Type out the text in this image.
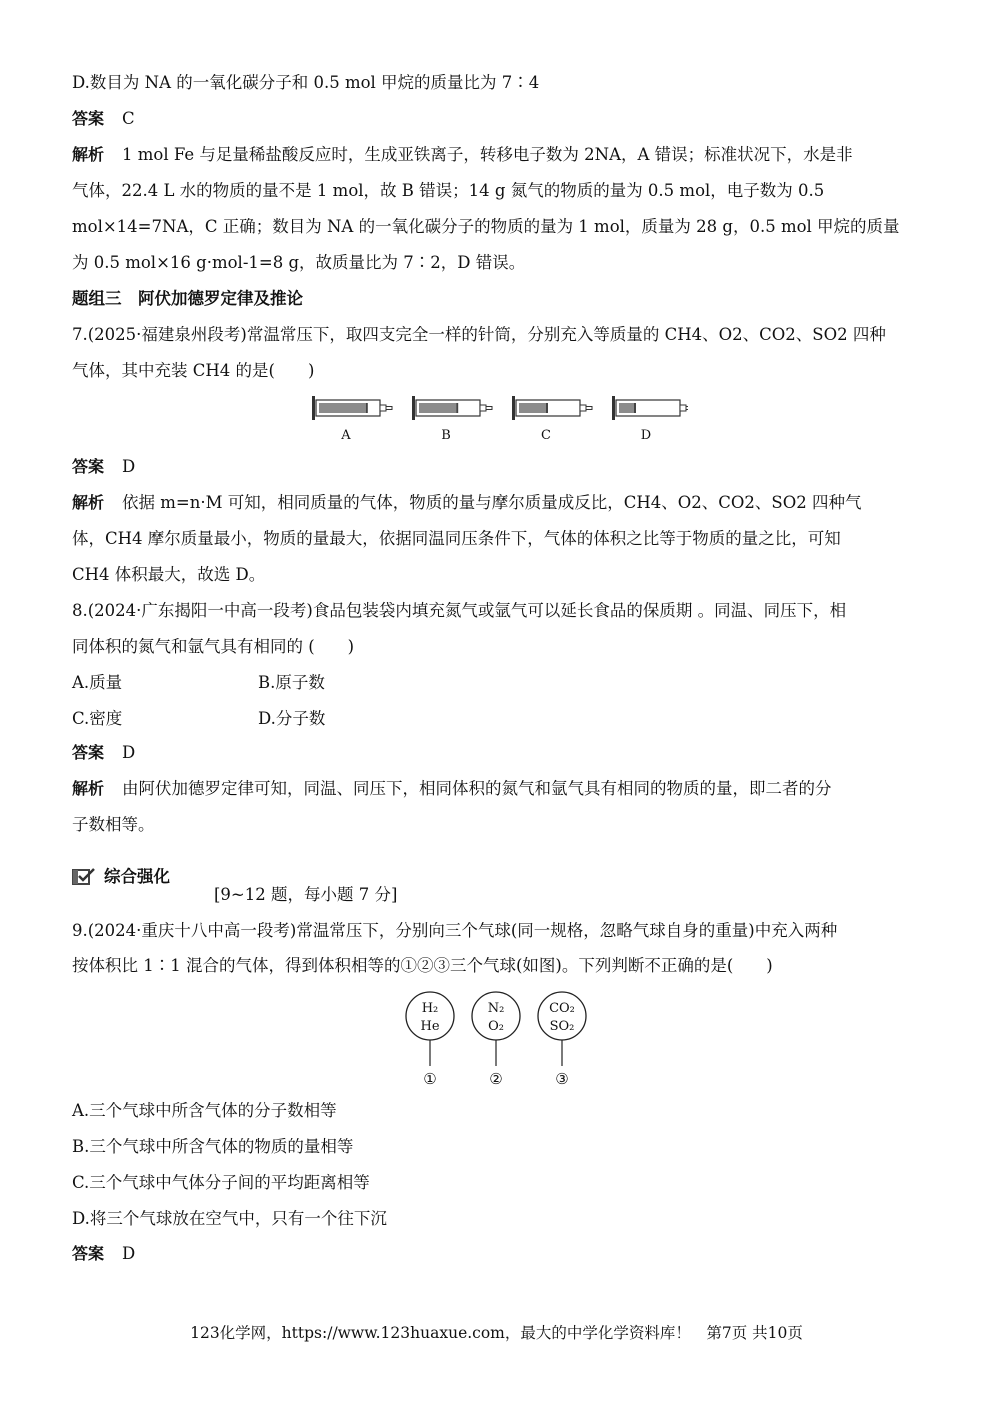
D.数目为 NA 的一氧化碳分子和 0.5 mol 甲烷的质量比为 7∶4
答案 C
解析 1 mol Fe 与足量稀盐酸反应时，生成亚铁离子，转移电子数为 2NA，A 错误；标准状况下，水是非
气体，22.4 L 水的物质的量不是 1 mol，故 B 错误；14 g 氮气的物质的量为 0.5 mol，电子数为 0.5
mol×14=7NA，C 正确；数目为 NA 的一氧化碳分子的物质的量为 1 mol，质量为 28 g，0.5 mol 甲烷的质量
为 0.5 mol×16 g·mol-1=8 g，故质量比为 7∶2，D 错误。
题组三　阿伏加德罗定律及推论
7.(2025·福建泉州段考)常温常压下，取四支完全一样的针筒，分别充入等质量的 CH4、O2、CO2、SO2 四种
气体，其中充装 CH4 的是(　　)
A	B	C	D
答案 D
解析 依据 m=n·M 可知，相同质量的气体，物质的量与摩尔质量成反比，CH4、O2、CO2、SO2 四种气
体，CH4 摩尔质量最小，物质的量最大，依据同温同压条件下，气体的体积之比等于物质的量之比，可知
CH4 体积最大，故选 D。
8.(2024·广东揭阳一中高一段考)食品包装袋内填充氮气或氩气可以延长食品的保质期 。同温、同压下，相
同体积的氮气和氩气具有相同的 (　　)
A.质量	B.原子数
C.密度	D.分子数
答案 D
解析 由阿伏加德罗定律可知，同温、同压下，相同体积的氮气和氩气具有相同的物质的量，即二者的分
子数相等。
综合强化
[9~12 题，每小题 7 分]
9.(2024·重庆十八中高一段考)常温常压下，分别向三个气球(同一规格，忽略气球自身的重量)中充入两种
按体积比 1∶1 混合的气体，得到体积相等的①②③三个气球(如图)。下列判断不正确的是(　　)
H₂
He
①
N₂
O₂
②
CO₂
SO₂
③
A.三个气球中所含气体的分子数相等
B.三个气球中所含气体的物质的量相等
C.三个气球中气体分子间的平均距离相等
D.将三个气球放在空气中，只有一个往下沉
答案 D
123化学网，https://www.123huaxue.com，最大的中学化学资料库！　第7页 共10页
